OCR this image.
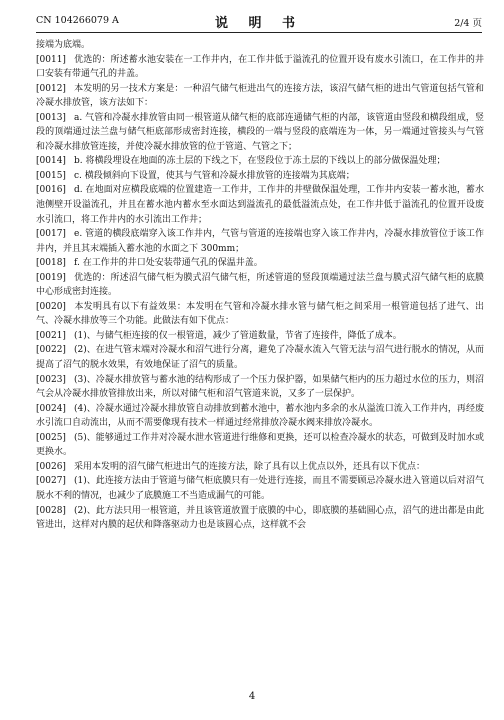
CN 104266079 A	说 明 书	2/4 页

接端为底端。

[0011] 优选的：所述蓄水池安装在一工作井内，在工作井低于溢流孔的位置开设有废水引流口，在工作井的井口安装有带通气孔的井盖。

[0012] 本发明的另一技术方案是：一种沼气储气柜进出气的连接方法，该沼气储气柜的进出气管道包括气管和冷凝水排放管，该方法如下：

[0013] a. 气管和冷凝水排放管由同一根管道从储气柜的底部连通储气柜的内部，该管道由竖段和横段组成，竖段的顶端通过法兰盘与储气柜底部形成密封连接，横段的一端与竖段的底端连为一体，另一端通过管接头与气管和冷凝水排放管连接，并使冷凝水排放管的位于管道、气管之下；

[0014] b. 将横段埋设在地面的冻土层的下线之下，在竖段位于冻土层的下线以上的部分做保温处理；

[0015] c. 横段倾斜向下设置，使其与气管和冷凝水排放管的连接端为其底端；

[0016] d. 在地面对应横段底端的位置建造一工作井，工作井的井壁做保温处理，工作井内安装一蓄水池，蓄水池侧壁开设溢流孔，并且在蓄水池内蓄水至水面达到溢流孔的最低溢流点处，在工作井低于溢流孔的位置开设废水引流口，将工作井内的水引流出工作井；

[0017] e. 管道的横段底端穿入该工作井内，气管与管道的连接端也穿入该工作井内，冷凝水排放管位于该工作井内，并且其末端插入蓄水池的水面之下 300mm；

[0018] f. 在工作井的井口处安装带通气孔的保温井盖。

[0019] 优选的：所述沼气储气柜为膜式沼气储气柜，所述管道的竖段顶端通过法兰盘与膜式沼气储气柜的底膜中心形成密封连接。

[0020] 本发明具有以下有益效果：本发明在气管和冷凝水排水管与储气柜之间采用一根管道包括了进气、出气、冷凝水排放等三个功能。此做法有如下优点：

[0021] (1)、与储气柜连接的仅一根管道，减少了管道数量，节省了连接件，降低了成本。

[0022] (2)、在进气管末端对冷凝水和沼气进行分离，避免了冷凝水流入气管无法与沼气进行脱水的情况，从而提高了沼气的脱水效果，有效地保证了沼气的质量。

[0023] (3)、冷凝水排放管与蓄水池的结构形成了一个压力保护器，如果储气柜内的压力超过水位的压力，则沼气会从冷凝水排放管排放出来，所以对储气柜和沼气管道来说，又多了一层保护。

[0024] (4)、冷凝水通过冷凝水排放管自动排放到蓄水池中，蓄水池内多余的水从溢流口流入工作井内，再经废水引流口自动流出，从而不需要像现有技术一样通过经常排放冷凝水阀来排放冷凝水。

[0025] (5)、能够通过工作井对冷凝水泄水管道进行维修和更换，还可以检查冷凝水的状态，可做到及时加水或更换水。

[0026] 采用本发明的沼气储气柜进出气的连接方法，除了具有以上优点以外，还具有以下优点：

[0027] (1)、此连接方法由于管道与储气柜底膜只有一处进行连接，而且不需要顾忌冷凝水进入管道以后对沼气脱水不利的情况，也减少了底膜施工不当造成漏气的可能。

[0028] (2)、此方法只用一根管道，并且该管道放置于底膜的中心，即底膜的基础圆心点，沼气的进出都是由此管进出，这样对内膜的起伏和降落驱动力也是该圆心点，这样就不会

4
